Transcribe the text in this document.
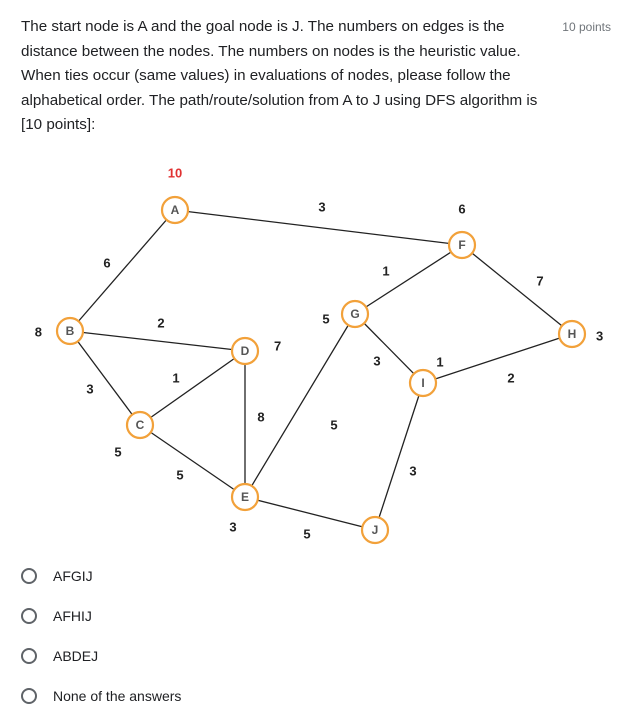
The start node is A and the goal node is J. The numbers on edges is the distance between the nodes. The numbers on nodes is the heuristic value. When ties occur (same values) in evaluations of nodes, please follow the alphabetical order. The path/route/solution from A to J using DFS algorithm is [10 points]:
10 points
6
3
2
3
1
5
8
5
5
1
7
3
2
3
A
10
B
8
C
5
D 7
E
3
F
6
G
5
H 3
I
1
J
AFGIJ
AFHIJ
ABDEJ
None of the answers
